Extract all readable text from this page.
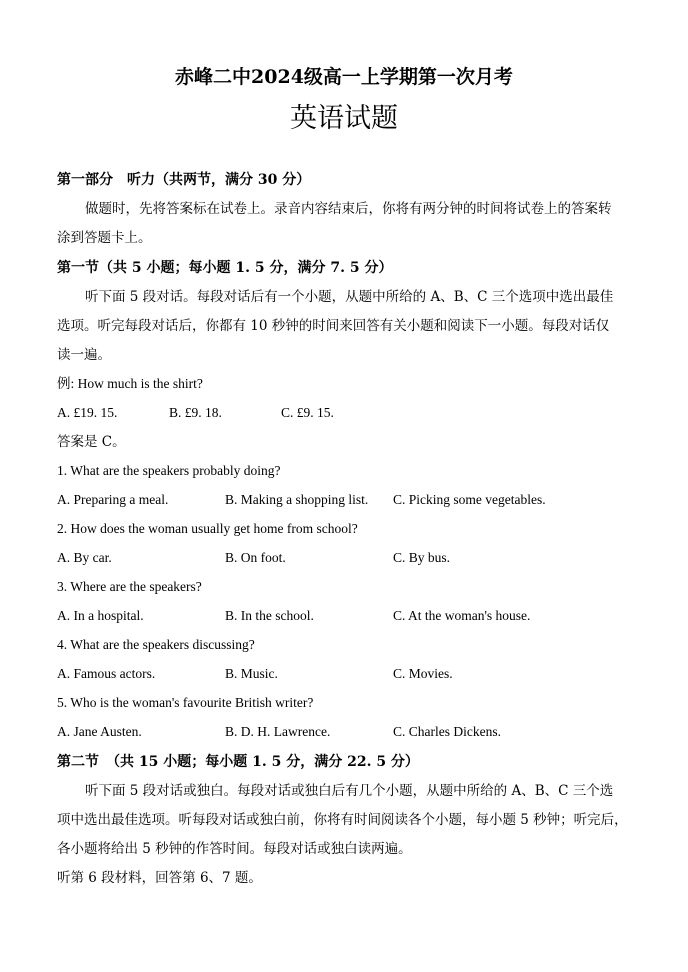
赤峰二中2024级高一上学期第一次月考
英语试题
第一部分　听力（共两节，满分 30 分）
做题时，先将答案标在试卷上。录音内容结束后，你将有两分钟的时间将试卷上的答案转
涂到答题卡上。
第一节（共 5 小题；每小题 1. 5 分，满分 7. 5 分）
听下面 5 段对话。每段对话后有一个小题，从题中所给的 A、B、C 三个选项中选出最佳
选项。听完每段对话后，你都有 10 秒钟的时间来回答有关小题和阅读下一小题。每段对话仅
读一遍。
例: How much is the shirt?
A. £19. 15.	B. £9. 18.	C. £9. 15.
答案是 C。
1. What are the speakers probably doing?
A. Preparing a meal.	B. Making a shopping list. C. Picking some vegetables.
2. How does the woman usually get home from school?
A. By car.	B. On foot.	C. By bus.
3. Where are the speakers?
A. In a hospital.	B. In the school.	C. At the woman's house.
4. What are the speakers discussing?
A. Famous actors.	B. Music.	C. Movies.
5. Who is the woman's favourite British writer?
A. Jane Austen.	B. D. H. Lawrence.	C. Charles Dickens.
第二节　（共 15 小题；每小题 1. 5 分，满分 22. 5 分）
听下面 5 段对话或独白。每段对话或独白后有几个小题，从题中所给的 A、B、C 三个选
项中选出最佳选项。听每段对话或独白前，你将有时间阅读各个小题，每小题 5 秒钟；听完后，
各小题将给出 5 秒钟的作答时间。每段对话或独白读两遍。
听第 6 段材料，回答第 6、7 题。
